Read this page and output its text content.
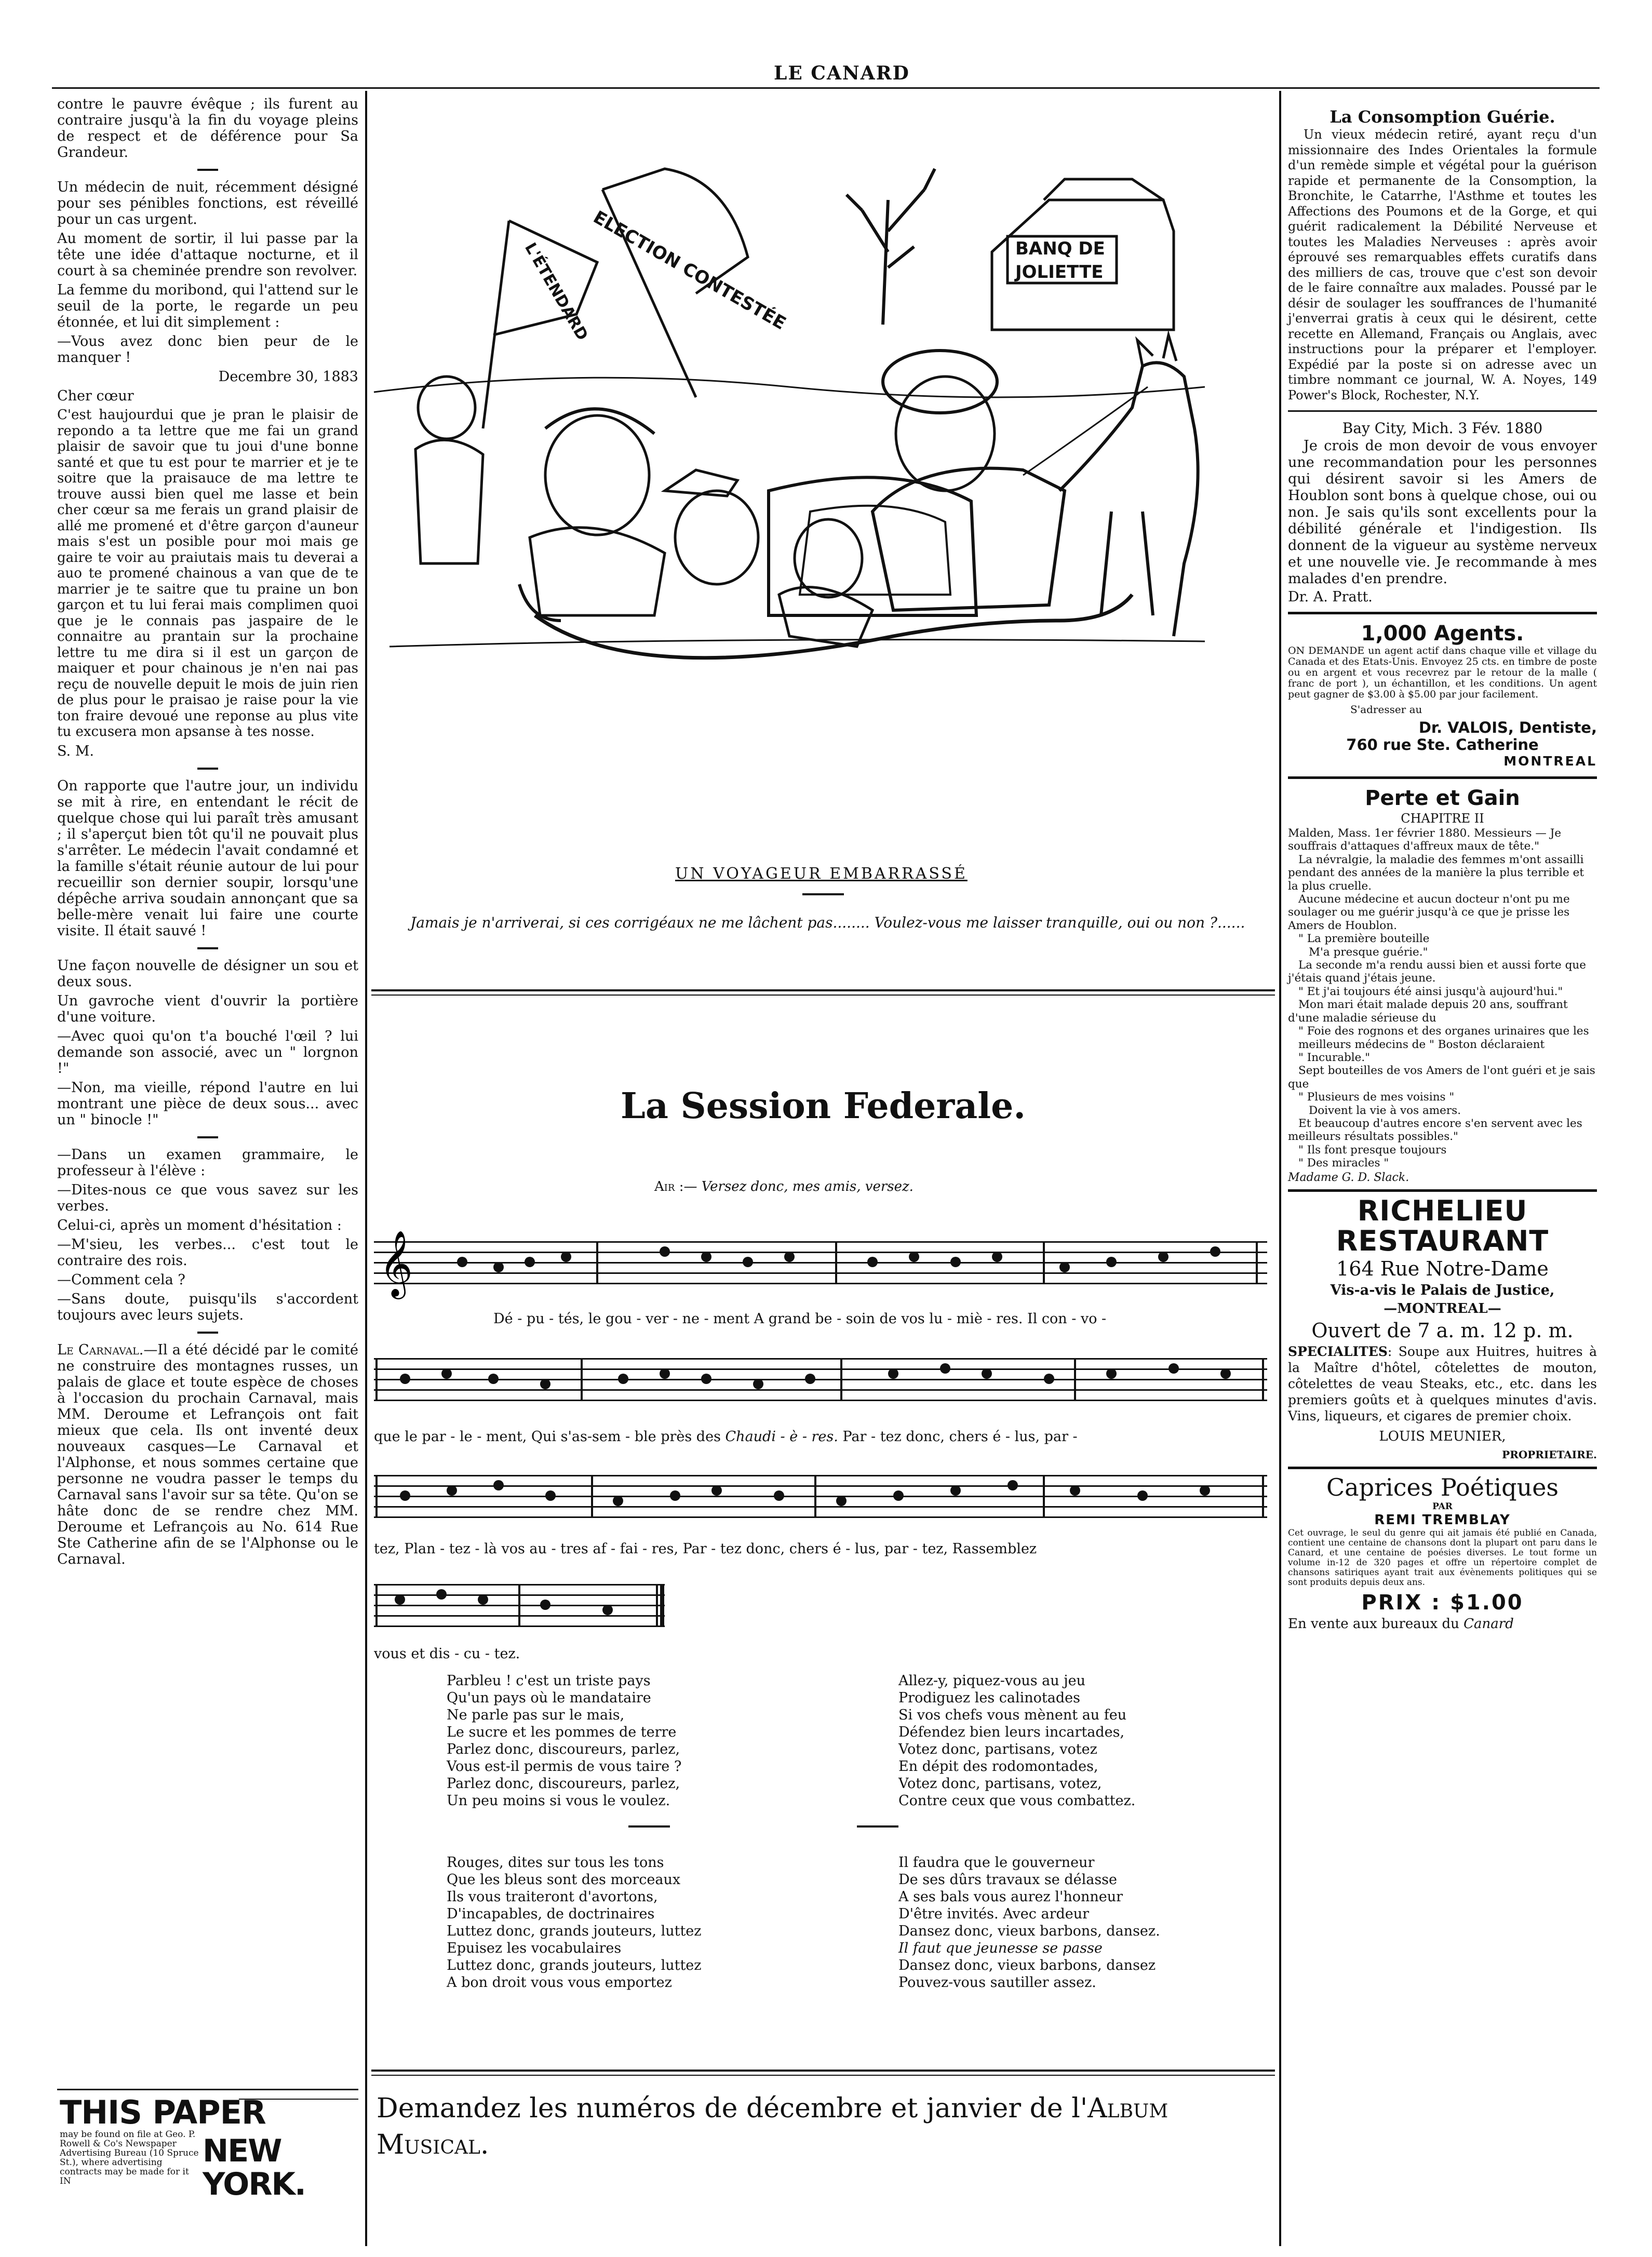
LE CANARD

contre le pauvre évêque ; ils furent au contraire jusqu'à la fin du voyage pleins de respect et de déférence pour Sa Grandeur.

Un médecin de nuit, récemment désigné pour ses pénibles fonctions, est réveillé pour un cas urgent.

Au moment de sortir, il lui passe par la tête une idée d'attaque nocturne, et il court à sa cheminée prendre son revolver.

La femme du moribond, qui l'attend sur le seuil de la porte, le regarde un peu étonnée, et lui dit simplement :

—Vous avez donc bien peur de le manquer !

Decembre 30, 1883

Cher cœur

C'est haujourdui que je pran le plaisir de repondo a ta lettre que me fai un grand plaisir de savoir que tu joui d'une bonne santé et que tu est pour te marrier et je te soitre que la praisauce de ma lettre te trouve aussi bien quel me lasse et bein cher cœur sa me ferais un grand plaisir de allé me promené et d'être garçon d'auneur mais s'est un posible pour moi mais ge gaire te voir au praiutais mais tu deverai a auo te promené chainous a van que de te marrier je te saitre que tu praine un bon garçon et tu lui ferai mais complimen quoi que je le connais pas jaspaire de le connaitre au prantain sur la prochaine lettre tu me dira si il est un garçon de maiquer et pour chainous je n'en nai pas reçu de nouvelle depuit le mois de juin rien de plus pour le praisao je raise pour la vie ton fraire devoué une reponse au plus vite tu excusera mon apsanse à tes nosse.

S. M.

On rapporte que l'autre jour, un individu se mit à rire, en entendant le récit de quelque chose qui lui paraît très amusant ; il s'aperçut bien tôt qu'il ne pouvait plus s'arrêter. Le médecin l'avait condamné et la famille s'était réunie autour de lui pour recueillir son dernier soupir, lorsqu'une dépêche arriva soudain annonçant que sa belle-mère venait lui faire une courte visite. Il était sauvé !

Une façon nouvelle de désigner un sou et deux sous.

Un gavroche vient d'ouvrir la portière d'une voiture.

—Avec quoi qu'on t'a bouché l'œil ? lui demande son associé, avec un " lorgnon !"

—Non, ma vieille, répond l'autre en lui montrant une pièce de deux sous... avec un " binocle !"

—Dans un examen grammaire, le professeur à l'élève :

—Dites-nous ce que vous savez sur les verbes.

Celui-ci, après un moment d'hésitation :

—M'sieu, les verbes... c'est tout le contraire des rois.

—Comment cela ?

—Sans doute, puisqu'ils s'accordent toujours avec leurs sujets.

Le Carnaval.—Il a été décidé par le comité ne construire des montagnes russes, un palais de glace et toute espèce de choses à l'occasion du prochain Carnaval, mais MM. Deroume et Lefrançois ont fait mieux que cela. Ils ont inventé deux nouveaux casques—Le Carnaval et l'Alphonse, et nous sommes certaine que personne ne voudra passer le temps du Carnaval sans l'avoir sur sa tête. Qu'on se hâte donc de se rendre chez MM. Deroume et Lefrançois au No. 614 Rue Ste Catherine afin de se l'Alphonse ou le Carnaval.

THIS PAPER
may be found on file at Geo. P. Rowell & Co's Newspaper Advertising Bureau (10 Spruce St.), where advertising contracts may be made for it IN
NEW YORK.
ELECTION CONTESTÉE
L'ÉTENDARD	BANQ DE
JOLIETTE
UN VOYAGEUR EMBARRASSÉ
Jamais je n'arriverai, si ces corrigéaux ne me lâchent pas........ Voulez-vous me laisser tranquille, oui ou non ?......
La Session Federale.
Air :— Versez donc, mes amis, versez.
𝄞
Dé - pu - tés, le gou - ver - ne - ment A grand be - soin de vos lu - miè - res. Il con - vo -
que le par - le - ment, Qui s'as-sem - ble près des Chaudi - è - res. Par - tez donc, chers é - lus, par -
tez, Plan - tez - là vos au - tres af - fai - res, Par - tez donc, chers é - lus, par - tez, Rassemblez
vous et dis - cu - tez.
Parbleu ! c'est un triste pays
Qu'un pays où le mandataire
Ne parle pas sur le mais,
Le sucre et les pommes de terre
Parlez donc, discoureurs, parlez,
Vous est-il permis de vous taire ?
Parlez donc, discoureurs, parlez,
Un peu moins si vous le voulez.
Allez-y, piquez-vous au jeu
Prodiguez les calinotades
Si vos chefs vous mènent au feu
Défendez bien leurs incartades,
Votez donc, partisans, votez
En dépit des rodomontades,
Votez donc, partisans, votez,
Contre ceux que vous combattez.
Rouges, dites sur tous les tons
Que les bleus sont des morceaux
Ils vous traiteront d'avortons,
D'incapables, de doctrinaires
Luttez donc, grands jouteurs, luttez
Epuisez les vocabulaires
Luttez donc, grands jouteurs, luttez
A bon droit vous vous emportez
Il faudra que le gouverneur
De ses dûrs travaux se délasse
A ses bals vous aurez l'honneur
D'être invités. Avec ardeur
Dansez donc, vieux barbons, dansez.
Il faut que jeunesse se passe
Dansez donc, vieux barbons, dansez
Pouvez-vous sautiller assez.
Demandez les numéros de décembre et janvier de l'Album Musical.
La Consomption Guérie.

Un vieux médecin retiré, ayant reçu d'un missionnaire des Indes Orientales la formule d'un remède simple et végétal pour la guérison rapide et permanente de la Consomption, la Bronchite, le Catarrhe, l'Asthme et toutes les Affections des Poumons et de la Gorge, et qui guérit radicalement la Débilité Nerveuse et toutes les Maladies Nerveuses : après avoir éprouvé ses remarquables effets curatifs dans des milliers de cas, trouve que c'est son devoir de le faire connaître aux malades. Poussé par le désir de soulager les souffrances de l'humanité j'enverrai gratis à ceux qui le désirent, cette recette en Allemand, Français ou Anglais, avec instructions pour la préparer et l'employer. Expédié par la poste si on adresse avec un timbre nommant ce journal, W. A. Noyes, 149 Power's Block, Rochester, N.Y.

Bay City, Mich. 3 Fév. 1880

Je crois de mon devoir de vous envoyer une recommandation pour les personnes qui désirent savoir si les Amers de Houblon sont bons à quelque chose, oui ou non. Je sais qu'ils sont excellents pour la débilité générale et l'indigestion. Ils donnent de la vigueur au système nerveux et une nouvelle vie. Je recommande à mes malades d'en prendre.

Dr. A. Pratt.

1,000 Agents.

ON DEMANDE un agent actif dans chaque ville et village du Canada et des Etats-Unis. Envoyez 25 cts. en timbre de poste ou en argent et vous recevrez par le retour de la malle ( franc de port ), un échantillon, et les conditions. Un agent peut gagner de $3.00 à $5.00 par jour facilement.

S'adresser au

Dr. VALOIS, Dentiste,
760 rue Ste. Catherine
MONTREAL
Perte et Gain
CHAPITRE II
Malden, Mass. 1er février 1880. Messieurs — Je souffrais d'attaques d'affreux maux de tête."
La névralgie, la maladie des femmes m'ont assailli pendant des années de la manière la plus terrible et la plus cruelle.
Aucune médecine et aucun docteur n'ont pu me soulager ou me guérir jusqu'à ce que je prisse les Amers de Houblon.
" La première bouteille
M'a presque guérie."
La seconde m'a rendu aussi bien et aussi forte que j'étais quand j'étais jeune.
" Et j'ai toujours été ainsi jusqu'à aujourd'hui."
Mon mari était malade depuis 20 ans, souffrant d'une maladie sérieuse du
" Foie des rognons et des organes urinaires que les meilleurs médecins de " Boston déclaraient
" Incurable."
Sept bouteilles de vos Amers de l'ont guéri et je sais que
" Plusieurs de mes voisins "
Doivent la vie à vos amers.
Et beaucoup d'autres encore s'en servent avec les meilleurs résultats possibles."
" Ils font presque toujours
" Des miracles "

Madame G. D. Slack.

RICHELIEU
RESTAURANT
164 Rue Notre-Dame
Vis-a-vis le Palais de Justice,
—MONTREAL—
Ouvert de 7 a. m. 12 p. m.

SPECIALITES: Soupe aux Huitres, huitres à la Maître d'hôtel, côtelettes de mouton, côtelettes de veau Steaks, etc., etc. dans les premiers goûts et à quelques minutes d'avis. Vins, liqueurs, et cigares de premier choix.

LOUIS MEUNIER,
PROPRIETAIRE.
Caprices Poétiques
PAR
REMI TREMBLAY

Cet ouvrage, le seul du genre qui ait jamais été publié en Canada, contient une centaine de chansons dont la plupart ont paru dans le Canard, et une centaine de poésies diverses. Le tout forme un volume in-12 de 320 pages et offre un répertoire complet de chansons satiriques ayant trait aux évènements politiques qui se sont produits depuis deux ans.

PRIX : $1.00
En vente aux bureaux du Canard
